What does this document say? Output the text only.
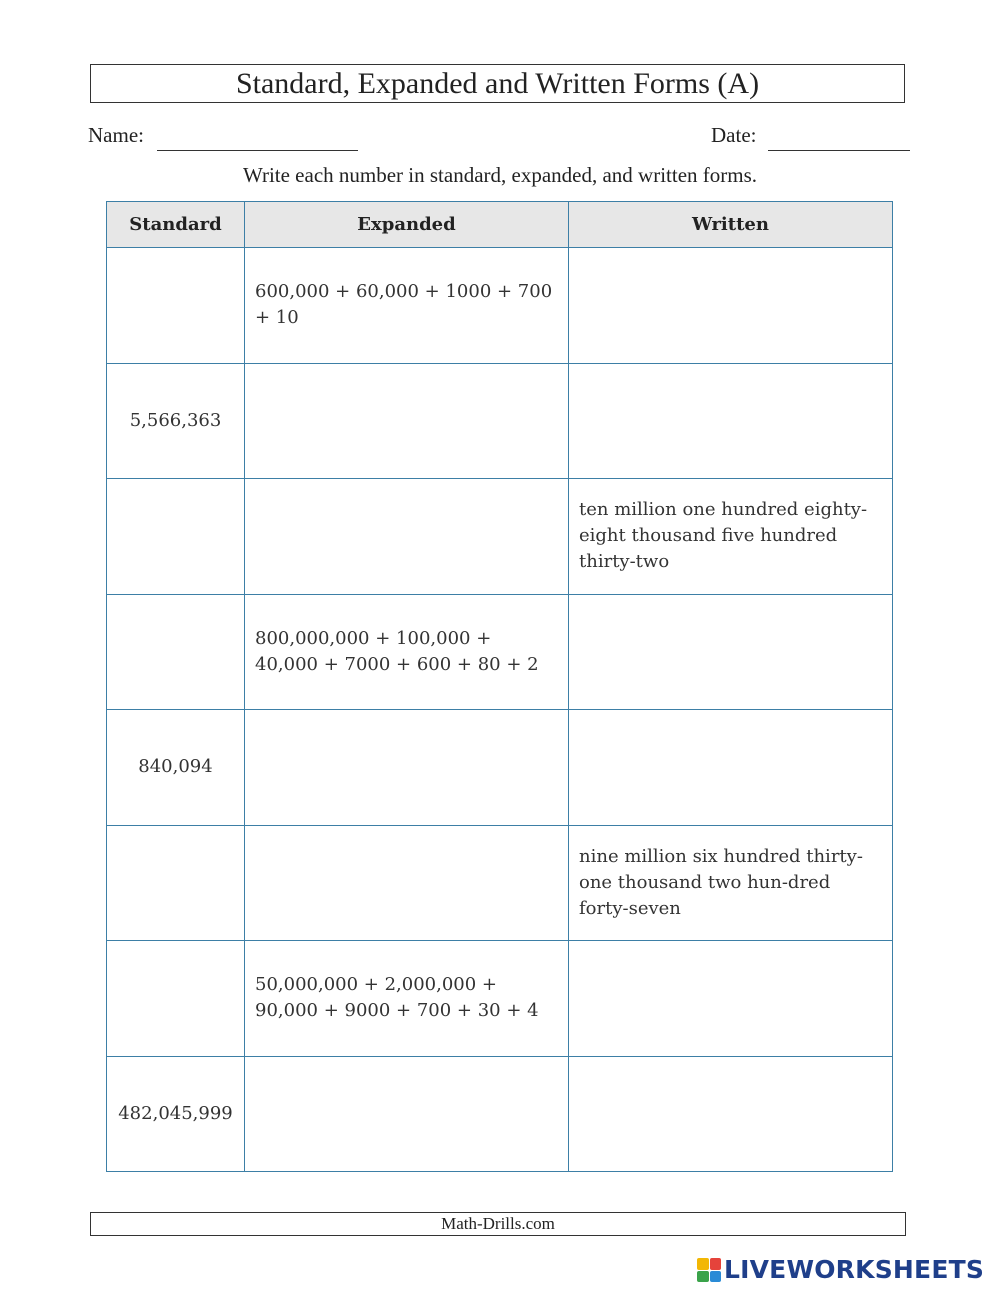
Standard, Expanded and Written Forms (A)
Name:	Date:
Write each number in standard, expanded, and written forms.
Standard	Expanded	Written

	600,000 + 60,000 + 1000 + 700 + 10	

5,566,363		

		ten million one hundred eighty-eight thousand five hundred thirty-two

	800,000,000 + 100,000 + 40,000 + 7000 + 600 + 80 + 2	

840,094		

		nine million six hundred thirty-one thousand two hun-dred forty-seven

	50,000,000 + 2,000,000 + 90,000 + 9000 + 700 + 30 + 4	

482,045,999		

Math-Drills.com
LIVEWORKSHEETS
